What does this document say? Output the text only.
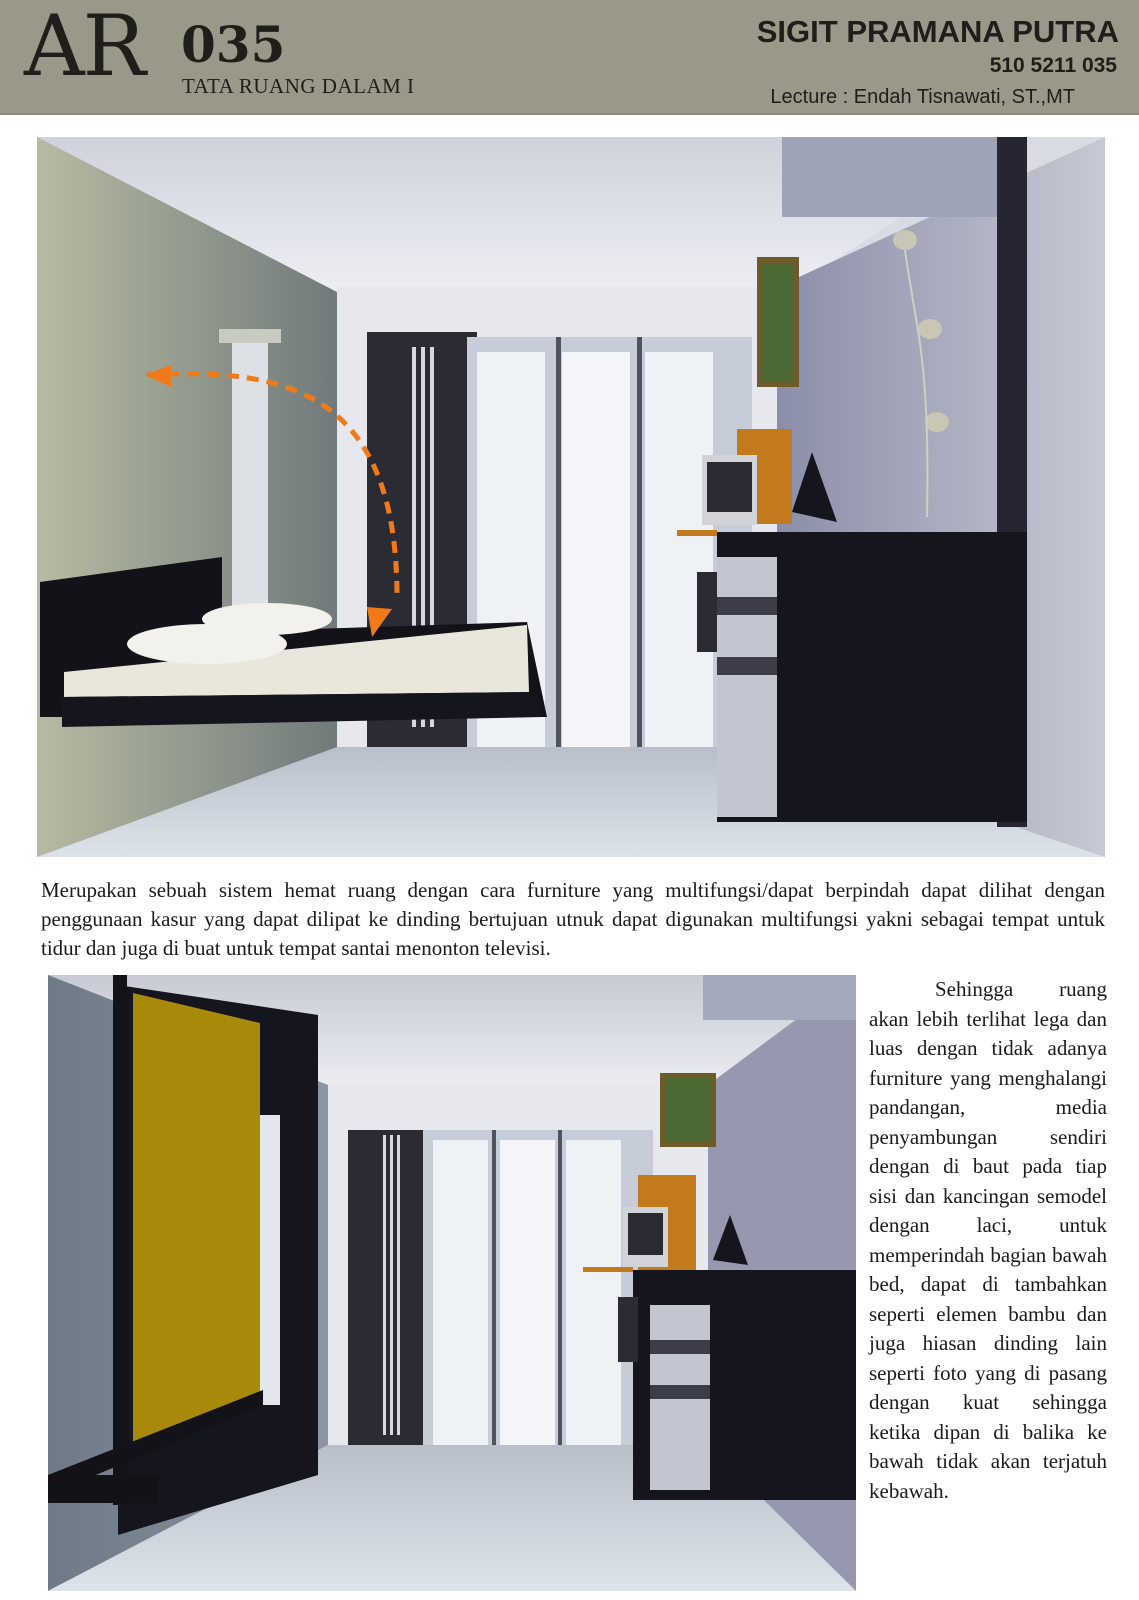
AR 035
TATA RUANG DALAM I
SIGIT PRAMANA PUTRA
510 5211 035
Lecture : Endah Tisnawati, ST.,MT
Merupakan sebuah sistem hemat ruang dengan cara furniture yang multifungsi/dapat berpindah dapat dilihat dengan penggunaan kasur yang dapat dilipat ke dinding bertujuan utnuk dapat digunakan multifungsi yakni sebagai tempat untuk tidur dan juga di buat untuk tempat santai menonton televisi.
Sehingga ruang akan lebih terlihat lega dan luas dengan tidak adanya furniture yang menghalangi pandangan, media penyambungan sendiri dengan di baut pada tiap sisi dan kancingan semodel dengan laci, untuk memperindah bagian bawah bed, dapat di tambahkan seperti elemen bambu dan juga hiasan dinding lain seperti foto yang di pasang dengan kuat sehingga ketika dipan di balika ke bawah tidak akan terjatuh kebawah.
